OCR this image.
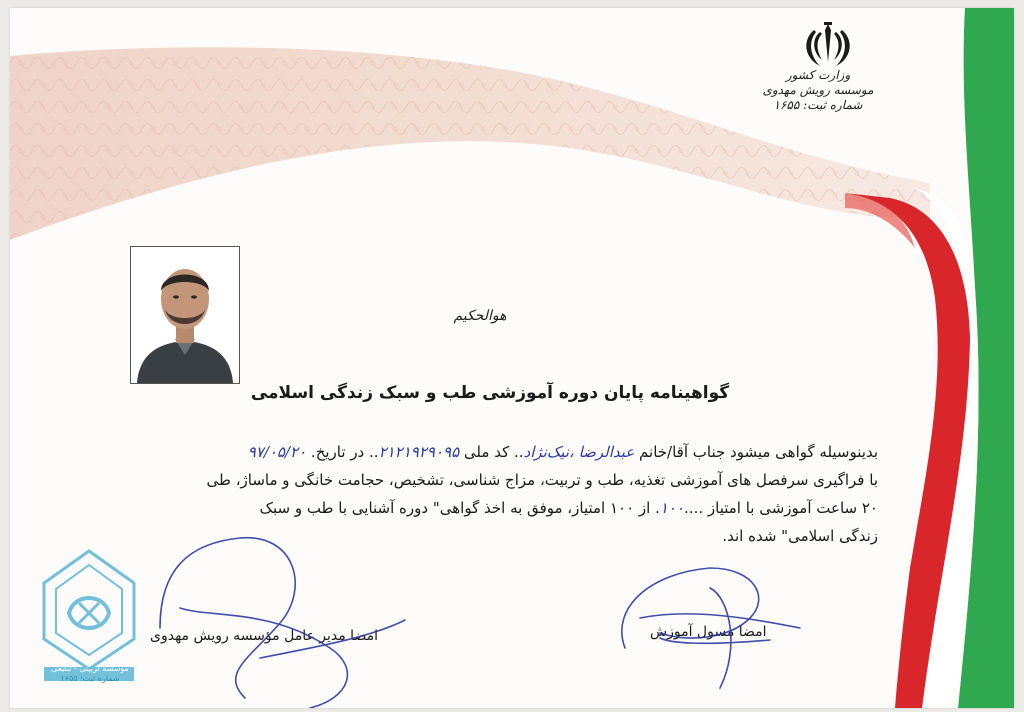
وزارت کشور
موسسه رویش مهدوی
شماره ثبت: ۱۶۵۵
هوالحکیم
گواهینامه پایان دوره آموزشی طب و سبک زندگی اسلامی

بدینوسیله گواهی میشود جناب آقا/خانم عبدالرضا ،نیک‌نژاد.. کد ملی ۲۱۲۱۹۲۹۰۹۵.. در تاریخ. ۹۷/۰۵/۲۰

با فراگیری سرفصل های آموزشی تغذیه، طب و تربیت، مزاج شناسی، تشخیص، حجامت خانگی و ماساژ، طی

۲۰ ساعت آموزشی با امتیاز ....۱۰۰. از ۱۰۰ امتیاز، موفق به اخذ گواهی" دوره آشنایی با طب و سبک

زندگی اسلامی" شده اند.

موسسه تربیتی - تبلیغی
شماره ثبت: ۱۶۵۵
امضا مدیر عامل مؤسسه رویش مهدوی	امضا مسول آموزش
